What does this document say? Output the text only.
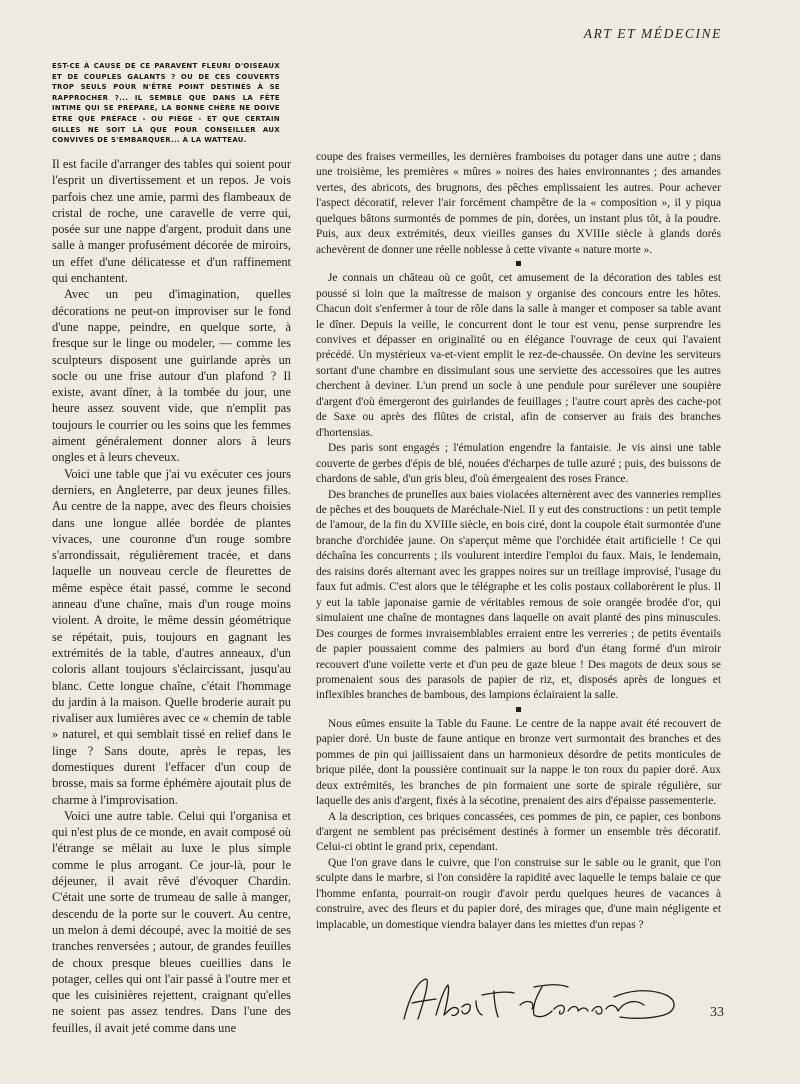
ART ET MÉDECINE
EST-CE À CAUSE DE CE PARAVENT FLEURI D'OISEAUX ET DE COUPLES GALANTS ? OU DE CES COUVERTS TROP SEULS POUR N'ÊTRE POINT DESTINÉS À SE RAPPROCHER ?... IL SEMBLE QUE DANS LA FÊTE INTIME QUI SE PRÉPARE, LA BONNE CHÈRE NE DOIVE ÊTRE QUE PRÉFACE - OU PIÈGE - ET QUE CERTAIN GILLES NE SOIT LÀ QUE POUR CONSEILLER AUX CONVIVES DE S'EMBARQUER... À LA WATTEAU.

Il est facile d'arranger des tables qui soient pour l'esprit un divertissement et un repos. Je vois parfois chez une amie, parmi des flambeaux de cristal de roche, une caravelle de verre qui, posée sur une nappe d'argent, produit dans une salle à manger profusément décorée de miroirs, un effet d'une délicatesse et d'un raffinement qui enchantent.

Avec un peu d'imagination, quelles décorations ne peut-on improviser sur le fond d'une nappe, peindre, en quelque sorte, à fresque sur le linge ou modeler, — comme les sculpteurs disposent une guirlande après un socle ou une frise autour d'un plafond ? Il existe, avant dîner, à la tombée du jour, une heure assez souvent vide, que n'emplit pas toujours le courrier ou les soins que les femmes aiment généralement donner alors à leurs ongles et à leurs cheveux.

Voici une table que j'ai vu exécuter ces jours derniers, en Angleterre, par deux jeunes filles. Au centre de la nappe, avec des fleurs choisies dans une longue allée bordée de plantes vivaces, une couronne d'un rouge sombre s'arrondissait, régulièrement tracée, et dans laquelle un nouveau cercle de fleurettes de même espèce était passé, comme le second anneau d'une chaîne, mais d'un rouge moins violent. A droite, le même dessin géométrique se répétait, puis, toujours en gagnant les extrémités de la table, d'autres anneaux, d'un coloris allant toujours s'éclaircissant, jusqu'au blanc. Cette longue chaîne, c'était l'hommage du jardin à la maison. Quelle broderie aurait pu rivaliser aux lumières avec ce « chemin de table » naturel, et qui semblait tissé en relief dans le linge ? Sans doute, après le repas, les domestiques durent l'effacer d'un coup de brosse, mais sa forme éphémère ajoutait plus de charme à l'improvisation.

Voici une autre table. Celui qui l'organisa et qui n'est plus de ce monde, en avait composé où l'étrange se mêlait au luxe le plus simple comme le plus arrogant. Ce jour-là, pour le déjeuner, il avait rêvé d'évoquer Chardin. C'était une sorte de trumeau de salle à manger, descendu de la porte sur le couvert. Au centre, un melon à demi découpé, avec la moitié de ses tranches renversées ; autour, de grandes feuilles de choux presque bleues cueillies dans le potager, celles qui ont l'air passé à l'outre mer et que les cuisinières rejettent, craignant qu'elles ne soient pas assez tendres. Dans l'une des feuilles, il avait jeté comme dans une

coupe des fraises vermeilles, les dernières framboises du potager dans une autre ; dans une troisième, les premières « mûres » noires des haies environnantes ; des amandes vertes, des abricots, des brugnons, des pêches emplissaient les autres. Pour achever l'aspect décoratif, relever l'air forcément champêtre de la « composition », il y piqua quelques bâtons surmontés de pommes de pin, dorées, un instant plus tôt, à la poudre. Puis, aux deux extrémités, deux vieilles ganses du XVIIIe siècle à glands dorés achevèrent de donner une réelle noblesse à cette vivante « nature morte ».

Je connais un château où ce goût, cet amusement de la décoration des tables est poussé si loin que la maîtresse de maison y organise des concours entre les hôtes. Chacun doit s'enfermer à tour de rôle dans la salle à manger et composer sa table avant le dîner. Depuis la veille, le concurrent dont le tour est venu, pense surprendre les convives et dépasser en originalité ou en élégance l'ouvrage de ceux qui l'avaient précédé. Un mystérieux va-et-vient emplit le rez-de-chaussée. On devine les serviteurs sortant d'une chambre en dissimulant sous une serviette des accessoires que les autres cherchent à deviner. L'un prend un socle à une pendule pour surélever une soupière d'argent d'où émergeront des guirlandes de feuillages ; l'autre court après des cache-pot de Saxe ou après des flûtes de cristal, afin de conserver au frais des branches d'hortensias.

Des paris sont engagés ; l'émulation engendre la fantaisie. Je vis ainsi une table couverte de gerbes d'épis de blé, nouées d'écharpes de tulle azuré ; puis, des buissons de chardons de sable, d'un gris bleu, d'où émergeaient des roses France.

Des branches de prunelles aux baies violacées alternèrent avec des vanneries remplies de pêches et des bouquets de Maréchale-Niel. Il y eut des constructions : un petit temple de l'amour, de la fin du XVIIIe siècle, en bois ciré, dont la coupole était surmontée d'une branche d'orchidée jaune. On s'aperçut même que l'orchidée était artificielle ! Ce qui déchaîna les concurrents ; ils voulurent interdire l'emploi du faux. Mais, le lendemain, des raisins dorés alternant avec les grappes noires sur un treillage improvisé, l'usage du faux fut admis. C'est alors que le télégraphe et les colis postaux collaborèrent le plus. Il y eut la table japonaise garnie de véritables remous de soie orangée brodée d'or, qui simulaient une chaîne de montagnes dans laquelle on avait planté des pins minuscules. Des courges de formes invraisemblables erraient entre les verreries ; de petits éventails de papier poussaient comme des palmiers au bord d'un étang formé d'un miroir recouvert d'une voilette verte et d'un peu de gaze bleue ! Des magots de deux sous se promenaient sous des parasols de papier de riz, et, disposés après de longues et inflexibles branches de bambous, des lampions éclairaient la salle.

Nous eûmes ensuite la Table du Faune. Le centre de la nappe avait été recouvert de papier doré. Un buste de faune antique en bronze vert surmontait des branches et des pommes de pin qui jaillissaient dans un harmonieux désordre de petits monticules de brique pilée, dont la poussière continuait sur la nappe le ton roux du papier doré. Aux deux extrémités, les branches de pin formaient une sorte de spirale régulière, sur laquelle des anis d'argent, fixés à la sécotine, prenaient des airs d'épaisse passementerie.

A la description, ces briques concassées, ces pommes de pin, ce papier, ces bonbons d'argent ne semblent pas précisément destinés à former un ensemble très décoratif. Celui-ci obtint le grand prix, cependant.

Que l'on grave dans le cuivre, que l'on construise sur le sable ou le granit, que l'on sculpte dans le marbre, si l'on considère la rapidité avec laquelle le temps balaie ce que l'homme enfanta, pourrait-on rougir d'avoir perdu quelques heures de vacances à construire, avec des fleurs et du papier doré, des mirages que, d'une main négligente et implacable, un domestique viendra balayer dans les miettes d'un repas ?

33
